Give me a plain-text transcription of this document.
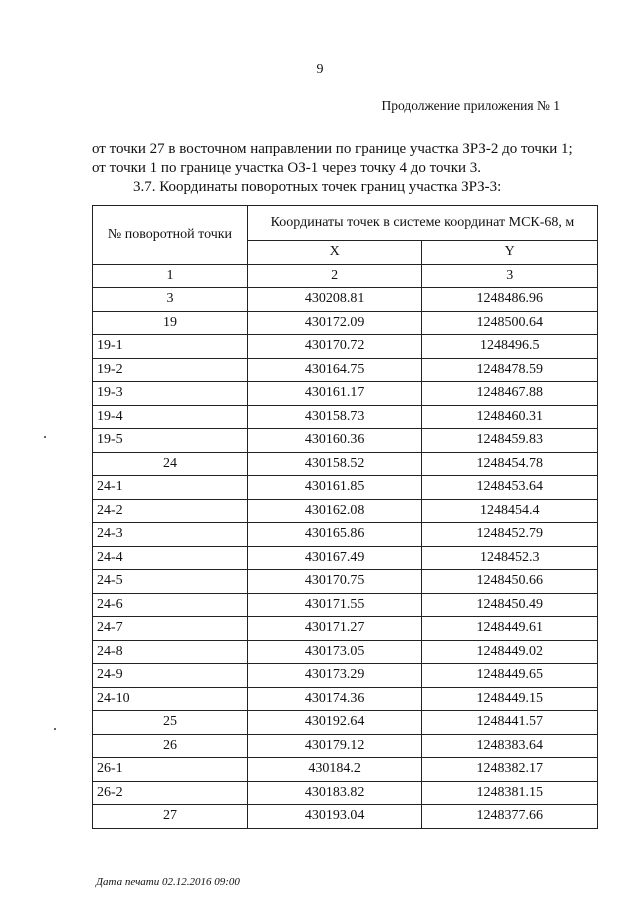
9
Продолжение приложения № 1
от точки 27 в восточном направлении по границе участка ЗРЗ-2 до точки 1;
от точки 1 по границе участка ОЗ-1 через точку 4 до точки 3.
3.7. Координаты поворотных точек границ участка ЗРЗ-3:
№ поворотной точки	Координаты точек в системе координат МСК-68, м	
	X	Y
1	2	3
3	430208.81	1248486.96
19	430172.09	1248500.64
19-1	430170.72	1248496.5
19-2	430164.75	1248478.59
19-3	430161.17	1248467.88
19-4	430158.73	1248460.31
19-5	430160.36	1248459.83
24	430158.52	1248454.78
24-1	430161.85	1248453.64
24-2	430162.08	1248454.4
24-3	430165.86	1248452.79
24-4	430167.49	1248452.3
24-5	430170.75	1248450.66
24-6	430171.55	1248450.49
24-7	430171.27	1248449.61
24-8	430173.05	1248449.02
24-9	430173.29	1248449.65
24-10	430174.36	1248449.15
25	430192.64	1248441.57
26	430179.12	1248383.64
26-1	430184.2	1248382.17
26-2	430183.82	1248381.15
27	430193.04	1248377.66
Дата печати 02.12.2016 09:00
